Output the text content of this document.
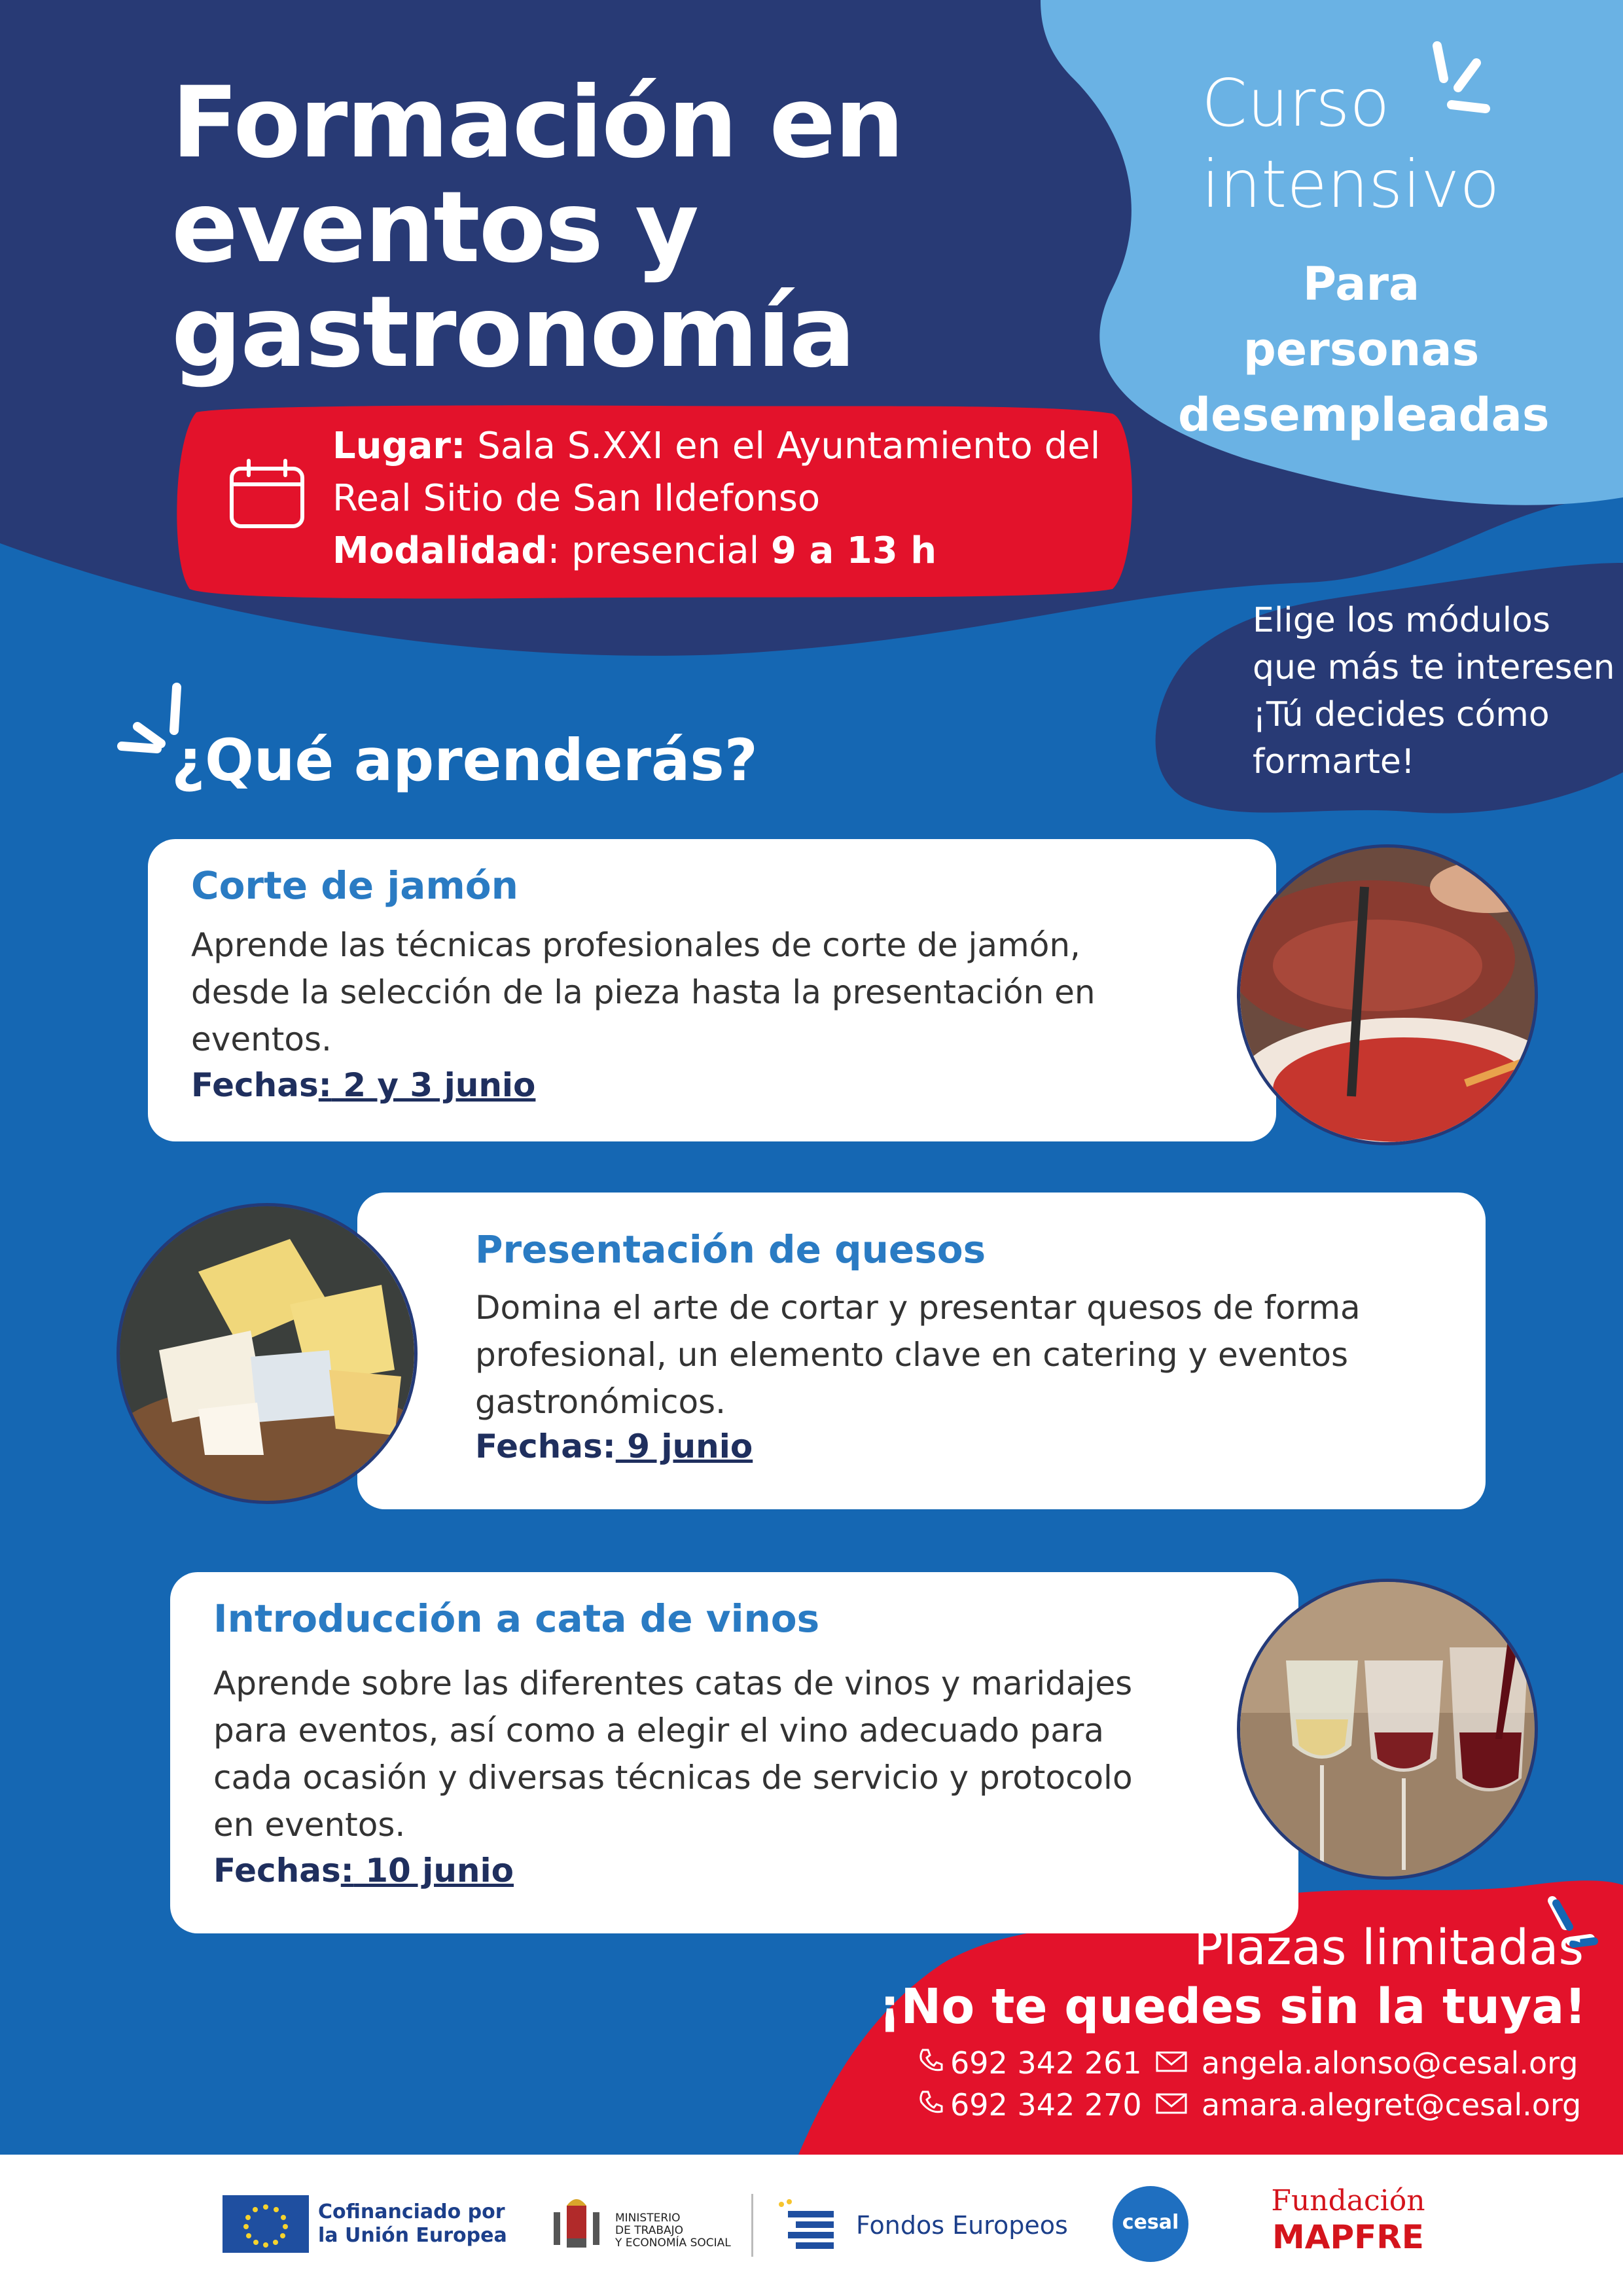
Formación en
eventos y
gastronomía
Curso
intensivo
Para personas
desempleadas
Lugar: Sala S.XXI en el Ayuntamiento del
Real Sitio de San Ildefonso
Modalidad: presencial 9 a 13 h
Elige los módulos
que más te interesen
¡Tú decides cómo
formarte!
¿Qué aprenderás?
Corte de jamón
Aprende las técnicas profesionales de corte de jamón,
desde la selección de la pieza hasta la presentación en
eventos.
Fechas: 2 y 3 junio
Presentación de quesos
Domina el arte de cortar y presentar quesos de forma
profesional, un elemento clave en catering y eventos
gastronómicos.
Fechas: 9 junio
Introducción a cata de vinos
Aprende sobre las diferentes catas de vinos y maridajes
para eventos, así como a elegir el vino adecuado para
cada ocasión y diversas técnicas de servicio y protocolo
en eventos.
Fechas: 10 junio
Plazas limitadas
¡No te quedes sin la tuya!
692 342 261
692 342 270
angela.alonso@cesal.org
amara.alegret@cesal.org
Cofinanciado por
la Unión Europea
MINISTERIO
DE TRABAJO
Y ECONOMÍA SOCIAL
Fondos Europeos	cesal
Fundación
MAPFRE
